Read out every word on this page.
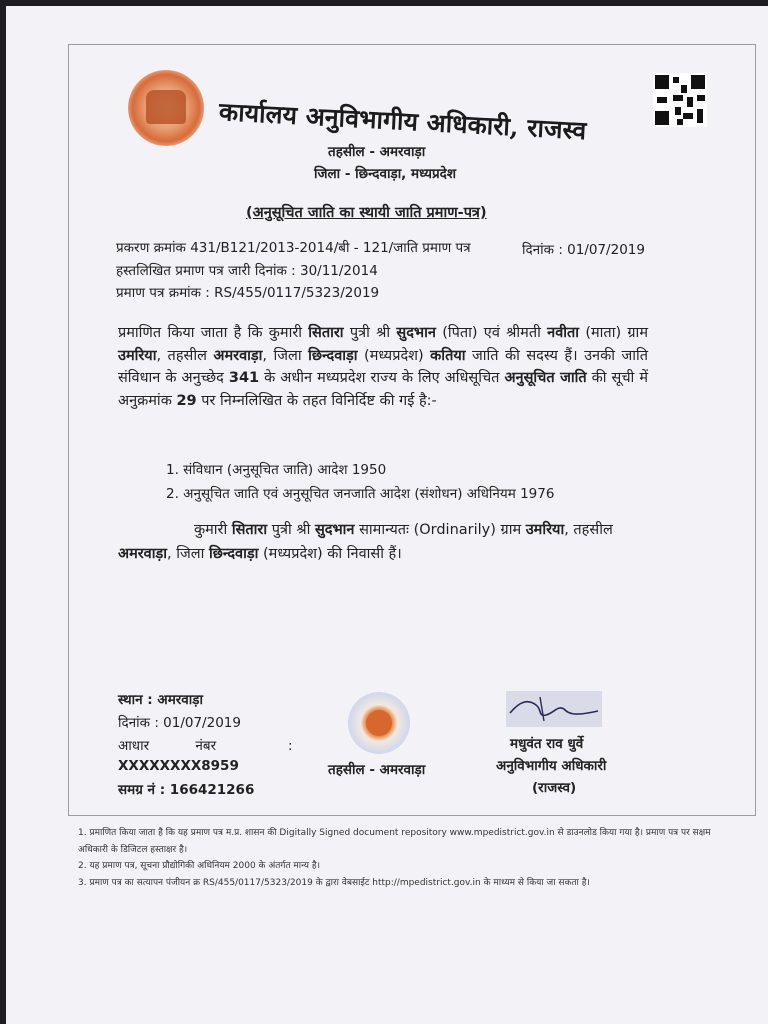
कार्यालय अनुविभागीय अधिकारी, राजस्व
तहसील - अमरवाड़ा
जिला - छिन्दवाड़ा, मध्यप्रदेश
(अनुसूचित जाति का स्थायी जाति प्रमाण-पत्र)
प्रकरण क्रमांक 431/B121/2013-2014/बी - 121/जाति प्रमाण पत्र	दिनांक : 01/07/2019
हस्तलिखित प्रमाण पत्र जारी दिनांक : 30/11/2014
प्रमाण पत्र क्रमांक : RS/455/0117/5323/2019
प्रमाणित किया जाता है कि कुमारी सितारा पुत्री श्री सुदभान (पिता) एवं श्रीमती नवीता (माता) ग्राम उमरिया, तहसील अमरवाड़ा, जिला छिन्दवाड़ा (मध्यप्रदेश) कतिया जाति की सदस्य हैं। उनकी जाति संविधान के अनुच्छेद 341 के अधीन मध्यप्रदेश राज्य के लिए अधिसूचित अनुसूचित जाति की सूची में अनुक्रमांक 29 पर निम्नलिखित के तहत विनिर्दिष्ट की गई है:-
1. संविधान (अनुसूचित जाति) आदेश 1950
2. अनुसूचित जाति एवं अनुसूचित जनजाति आदेश (संशोधन) अधिनियम 1976
कुमारी सितारा पुत्री श्री सुदभान सामान्यतः (Ordinarily) ग्राम उमरिया, तहसील अमरवाड़ा, जिला छिन्दवाड़ा (मध्यप्रदेश) की निवासी हैं।
स्थान : अमरवाड़ा
दिनांक : 01/07/2019
आधार नंबर	:
XXXXXXXX8959
समग्र नं : 166421266
तहसील - अमरवाड़ा
मधुवंत राव धुर्वे
अनुविभागीय अधिकारी
(राजस्व)
1. प्रमाणित किया जाता है कि यह प्रमाण पत्र म.प्र. शासन की Digitally Signed document repository www.mpedistrict.gov.in से डाउनलोड किया गया है। प्रमाण पत्र पर सक्षम अधिकारी के डिजिटल हस्ताक्षर है।
2. यह प्रमाण पत्र, सूचना प्रौद्योगिकी अधिनियम 2000 के अंतर्गत मान्य है।
3. प्रमाण पत्र का सत्यापन पंजीयन क्र RS/455/0117/5323/2019 के द्वारा वेबसाईट http://mpedistrict.gov.in के माध्यम से किया जा सकता है।
